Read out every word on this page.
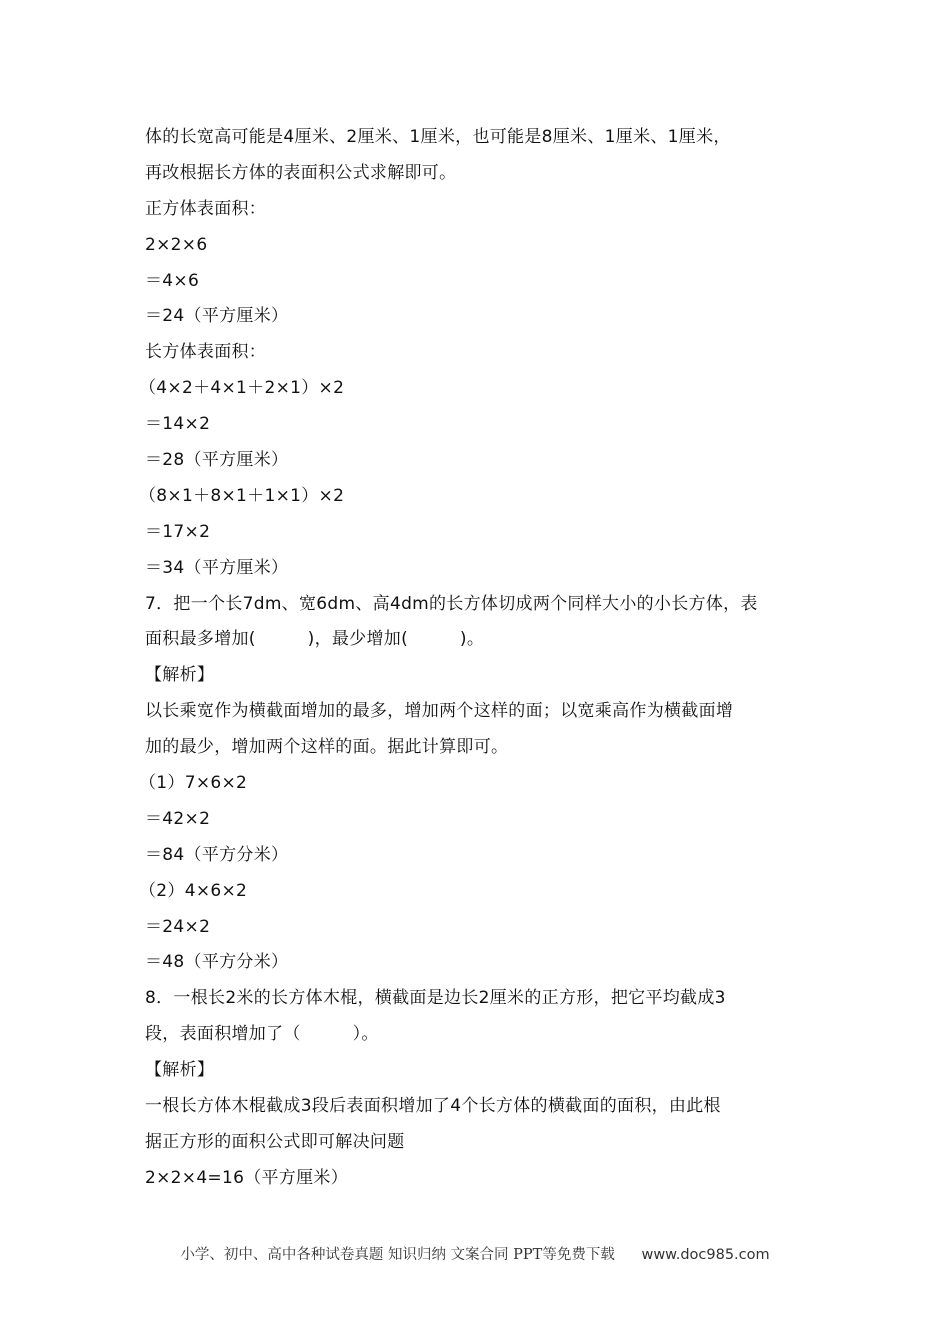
体的长宽高可能是4厘米、2厘米、1厘米，也可能是8厘米、1厘米、1厘米，
再改根据长方体的表面积公式求解即可。
正方体表面积：
2×2×6
＝4×6
＝24（平方厘米）
长方体表面积：
（4×2＋4×1＋2×1）×2
＝14×2
＝28（平方厘米）
（8×1＋8×1＋1×1）×2
＝17×2
＝34（平方厘米）
7．把一个长7dm、宽6dm、高4dm的长方体切成两个同样大小的小长方体，表
面积最多增加(　　　)，最少增加(　　　)。
【解析】
以长乘宽作为横截面增加的最多，增加两个这样的面；以宽乘高作为横截面增
加的最少，增加两个这样的面。据此计算即可。
（1）7×6×2
＝42×2
＝84（平方分米）
（2）4×6×2
＝24×2
＝48（平方分米）
8．一根长2米的长方体木棍，横截面是边长2厘米的正方形，把它平均截成3
段，表面积增加了（　　　）。
【解析】
一根长方体木棍截成3段后表面积增加了4个长方体的横截面的面积，由此根
据正方形的面积公式即可解决问题
2×2×4=16（平方厘米）
小学、初中、高中各种试卷真题 知识归纳 文案合同 PPT等免费下载 www.doc985.com
